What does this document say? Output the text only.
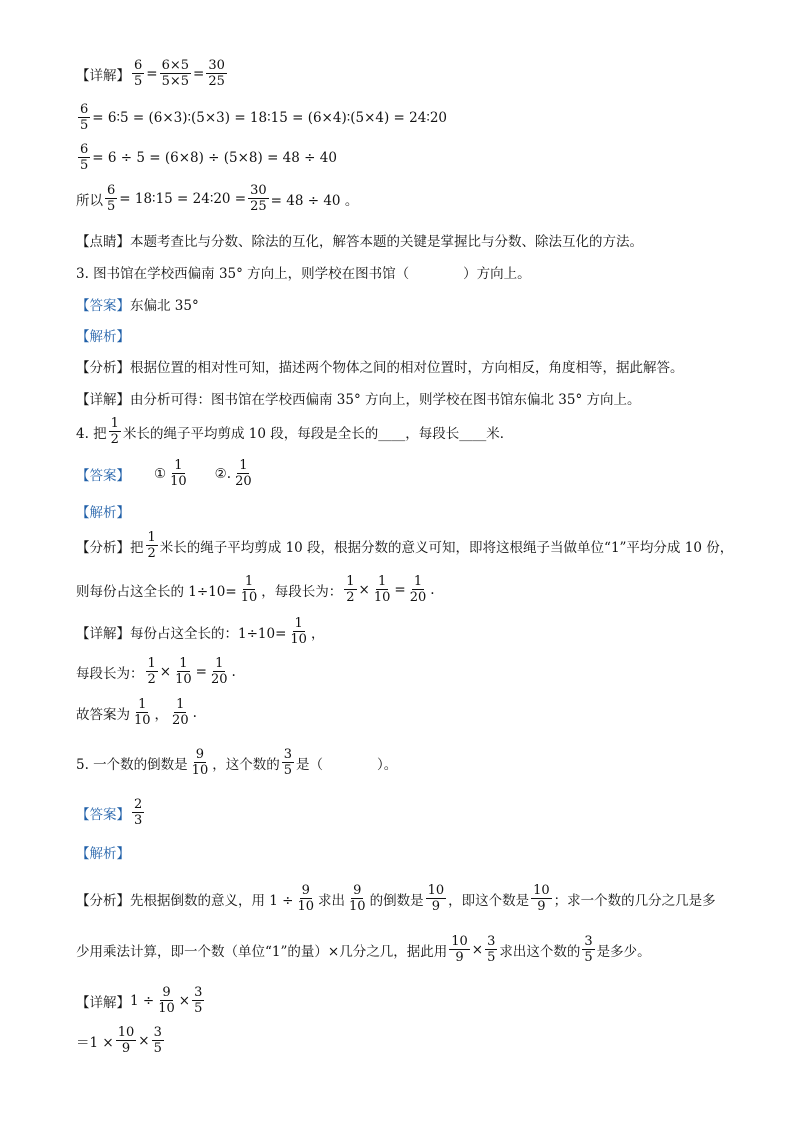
【详解】 $\frac{6}{5} = \frac{6\times 5}{5\times 5} = \frac{30}{25}$
$\frac{6}{5}$ = 6∶5 = (6×3)∶(5×3) = 18∶15 = (6×4)∶(5×4) = 24∶20
$\frac{6}{5} = 6 \div 5 = (6\times 8) \div (5\times 8) = 48 \div 40$
所以 $\frac{6}{5}$ = 18∶15 = 24∶20 = $\frac{30}{25} = 48 \div 40$ 。
【点睛】 本题考查比与分数、除法的互化，解答本题的关键是掌握比与分数、除法互化的方法。
3. 图书馆在学校西偏南 35° 方向上，则学校在图书馆（　　　　）方向上。
【答案】 东偏北 35°
【解析】
【分析】 根据位置的相对性可知，描述两个物体之间的相对位置时，方向相反，角度相等，据此解答。
【详解】 由分析可得：图书馆在学校西偏南 35° 方向上，则学校在图书馆东偏北 35° 方向上。
4. 把 $\frac{1}{2}$ 米长的绳子平均剪成 10 段，每段是全长的____，每段长____米．
【答案】 ① $\frac{1}{10}$ ②. $\frac{1}{20}$
【解析】
【分析】 把 $\frac{1}{2}$ 米长的绳子平均剪成 10 段，根据分数的意义可知，即将这根绳子当做单位“1”平均分成 10 份，
则每份占这全长的 $1\div 10= \frac{1}{10}$ ，每段长为： $\frac{1}{2} \times \frac{1}{10} = \frac{1}{20}$ .
【详解】 每份占这全长的：$1\div 10= \frac{1}{10}$ ，
每段长为： $\frac{1}{2} \times \frac{1}{10} = \frac{1}{20}$ .
故答案为 $\frac{1}{10}$ ， $\frac{1}{20}$ .
5. 一个数的倒数是 $\frac{9}{10}$ ，这个数的 $\frac{3}{5}$ 是（　　　　）。
【答案】 $\frac{2}{3}$
【解析】
【分析】 先根据倒数的意义，用 $1 \div \frac{9}{10}$ 求出 $\frac{9}{10}$ 的倒数是 $\frac{10}{9}$ ，即这个数是 $\frac{10}{9}$ ；求一个数的几分之几是多
少用乘法计算，即一个数（单位“1”的量）×几分之几，据此用 $\frac{10}{9} \times \frac{3}{5}$ 求出这个数的 $\frac{3}{5}$ 是多少。
【详解】 $1 \div \frac{9}{10} \times \frac{3}{5}$
$=1 \times \frac{10}{9} \times \frac{3}{5}$
